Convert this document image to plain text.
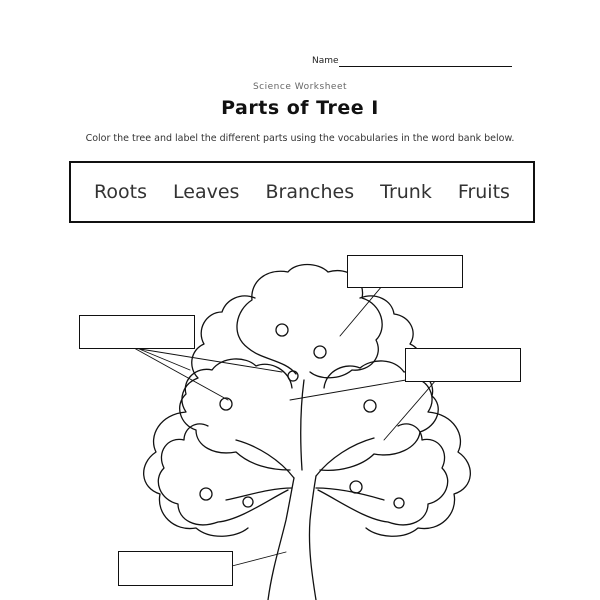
Name
Science Worksheet
Parts of Tree I
Color the tree and label the different parts using the vocabularies in the word bank below.
Roots Leaves Branches Trunk Fruits
